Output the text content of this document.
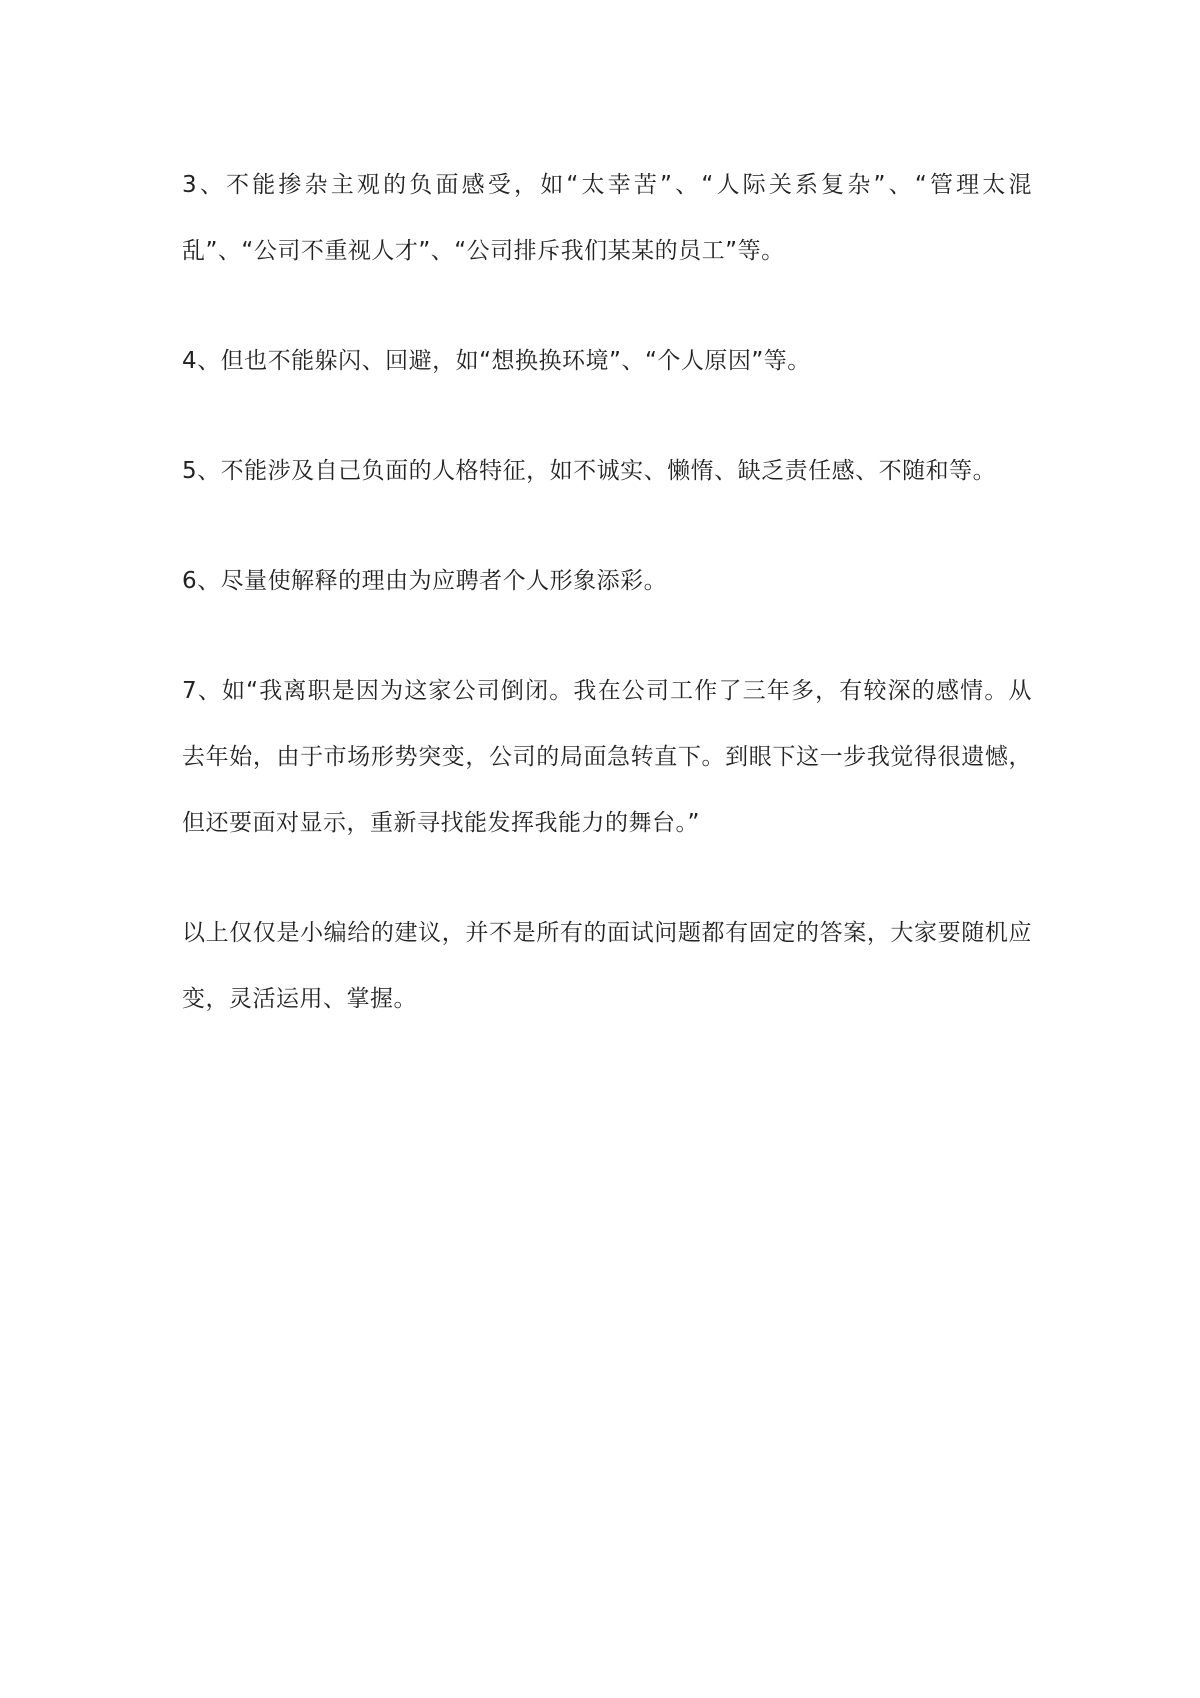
3、不能掺杂主观的负面感受，如“太幸苦”、“人际关系复杂”、“管理太混乱”、“公司不重视人才”、“公司排斥我们某某的员工”等。

4、但也不能躲闪、回避，如“想换换环境”、“个人原因”等。

5、不能涉及自己负面的人格特征，如不诚实、懒惰、缺乏责任感、不随和等。

6、尽量使解释的理由为应聘者个人形象添彩。

7、如“我离职是因为这家公司倒闭。我在公司工作了三年多，有较深的感情。从去年始，由于市场形势突变，公司的局面急转直下。到眼下这一步我觉得很遗憾，但还要面对显示，重新寻找能发挥我能力的舞台。”

以上仅仅是小编给的建议，并不是所有的面试问题都有固定的答案，大家要随机应变，灵活运用、掌握。
